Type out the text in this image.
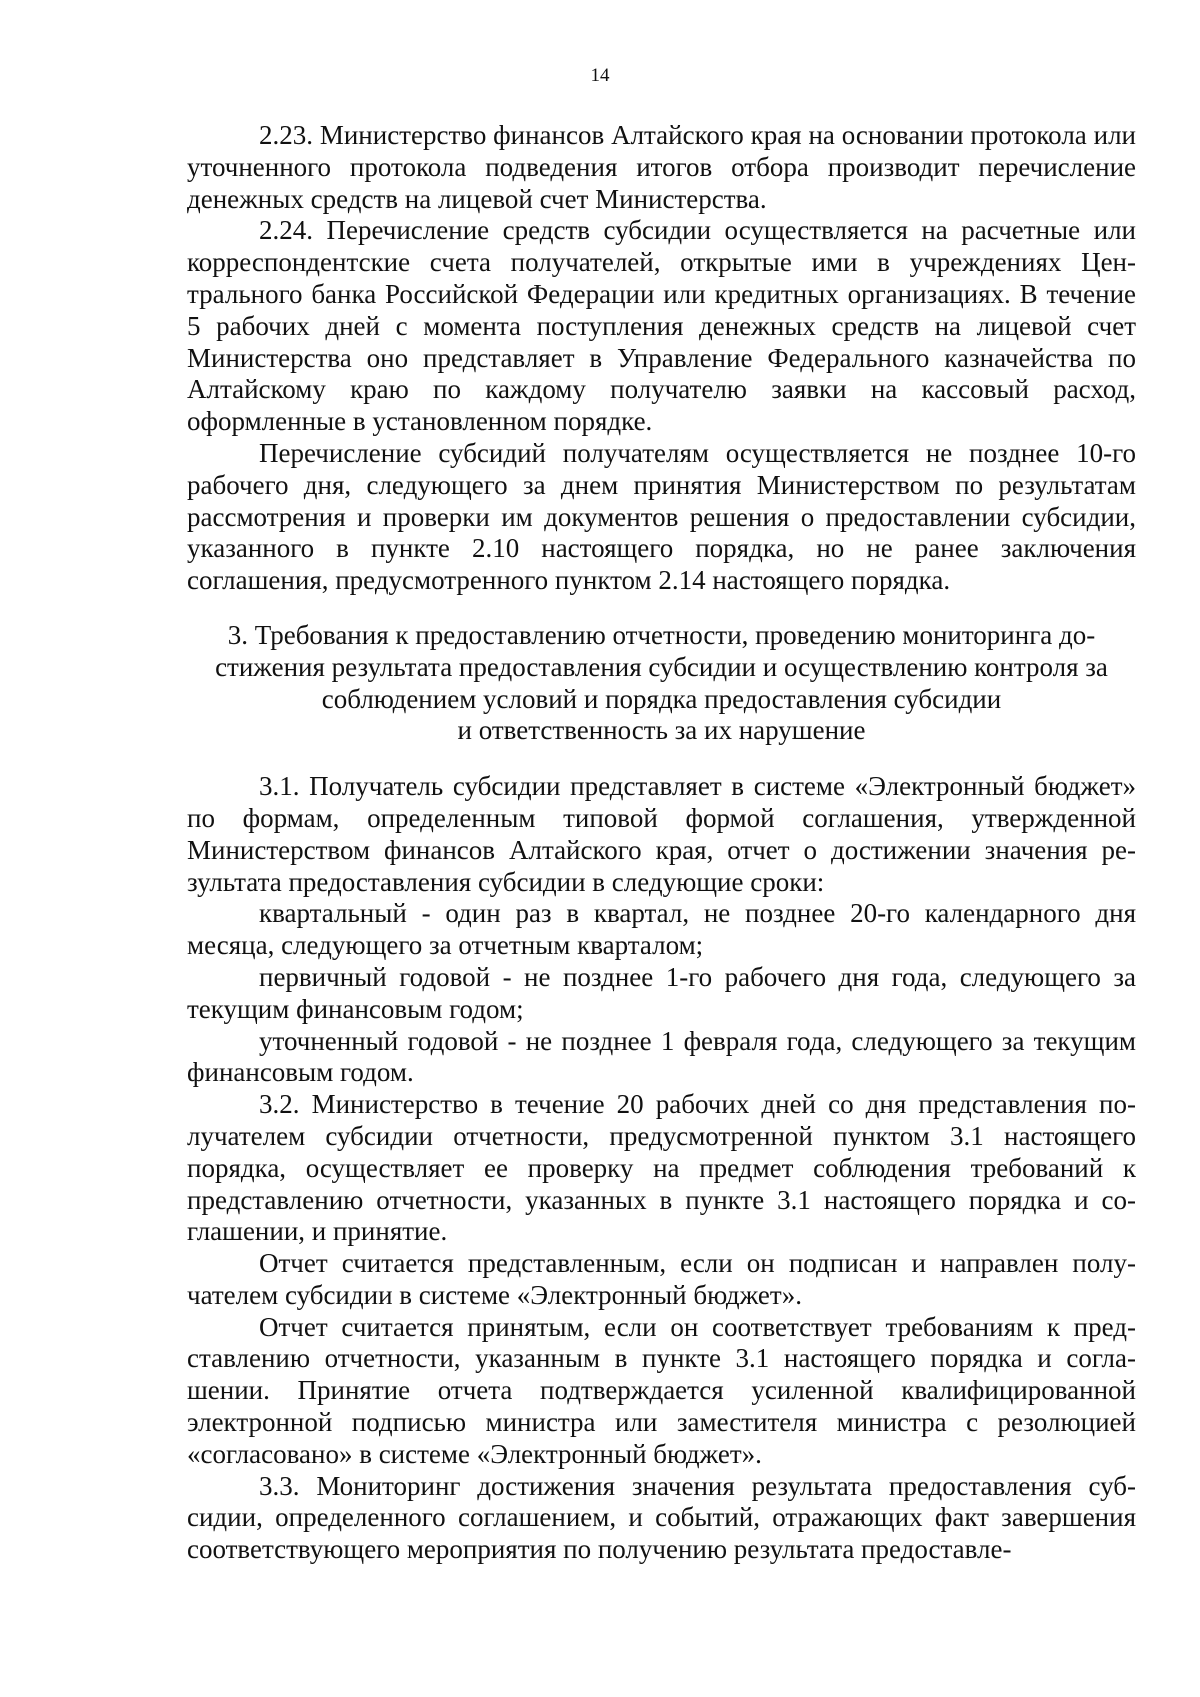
14

2.23. Министерство финансов Алтайского края на основании протокола или уточненного протокола подведения итогов отбора производит перечисление денежных средств на лицевой счет Министерства.

2.24. Перечисление средств субсидии осуществляется на расчетные или корреспондентские счета получателей, открытые ими в учреждениях Центрального банка Российской Федерации или кредитных организациях. В течение 5 рабочих дней с момента поступления денежных средств на лицевой счет Министерства оно представляет в Управление Федерального казначейства по Алтайскому краю по каждому получателю заявки на кассовый расход, оформленные в установленном порядке.

Перечисление субсидий получателям осуществляется не позднее 10-го рабочего дня, следующего за днем принятия Министерством по результатам рассмотрения и проверки им документов решения о предоставлении субсидии, указанного в пункте 2.10 настоящего порядка, но не ранее заключения соглашения, предусмотренного пунктом 2.14 настоящего порядка.

3. Требования к предоставлению отчетности, проведению мониторинга до-
стижения результата предоставления субсидии и осуществлению контроля за
соблюдением условий и порядка предоставления субсидии
и ответственность за их нарушение

3.1. Получатель субсидии представляет в системе «Электронный бюджет» по формам, определенным типовой формой соглашения, утвержденной Министерством финансов Алтайского края, отчет о достижении значения результата предоставления субсидии в следующие сроки:

квартальный - один раз в квартал, не позднее 20-го календарного дня месяца, следующего за отчетным кварталом;

первичный годовой - не позднее 1-го рабочего дня года, следующего за текущим финансовым годом;

уточненный годовой - не позднее 1 февраля года, следующего за текущим финансовым годом.

3.2. Министерство в течение 20 рабочих дней со дня представления получателем субсидии отчетности, предусмотренной пунктом 3.1 настоящего порядка, осуществляет ее проверку на предмет соблюдения требований к представлению отчетности, указанных в пункте 3.1 настоящего порядка и соглашении, и принятие.

Отчет считается представленным, если он подписан и направлен получателем субсидии в системе «Электронный бюджет».

Отчет считается принятым, если он соответствует требованиям к представлению отчетности, указанным в пункте 3.1 настоящего порядка и соглашении. Принятие отчета подтверждается усиленной квалифицированной электронной подписью министра или заместителя министра с резолюцией «согласовано» в системе «Электронный бюджет».

3.3. Мониторинг достижения значения результата предоставления субсидии, определенного соглашением, и событий, отражающих факт завершения соответствующего мероприятия по получению результата предоставле-
